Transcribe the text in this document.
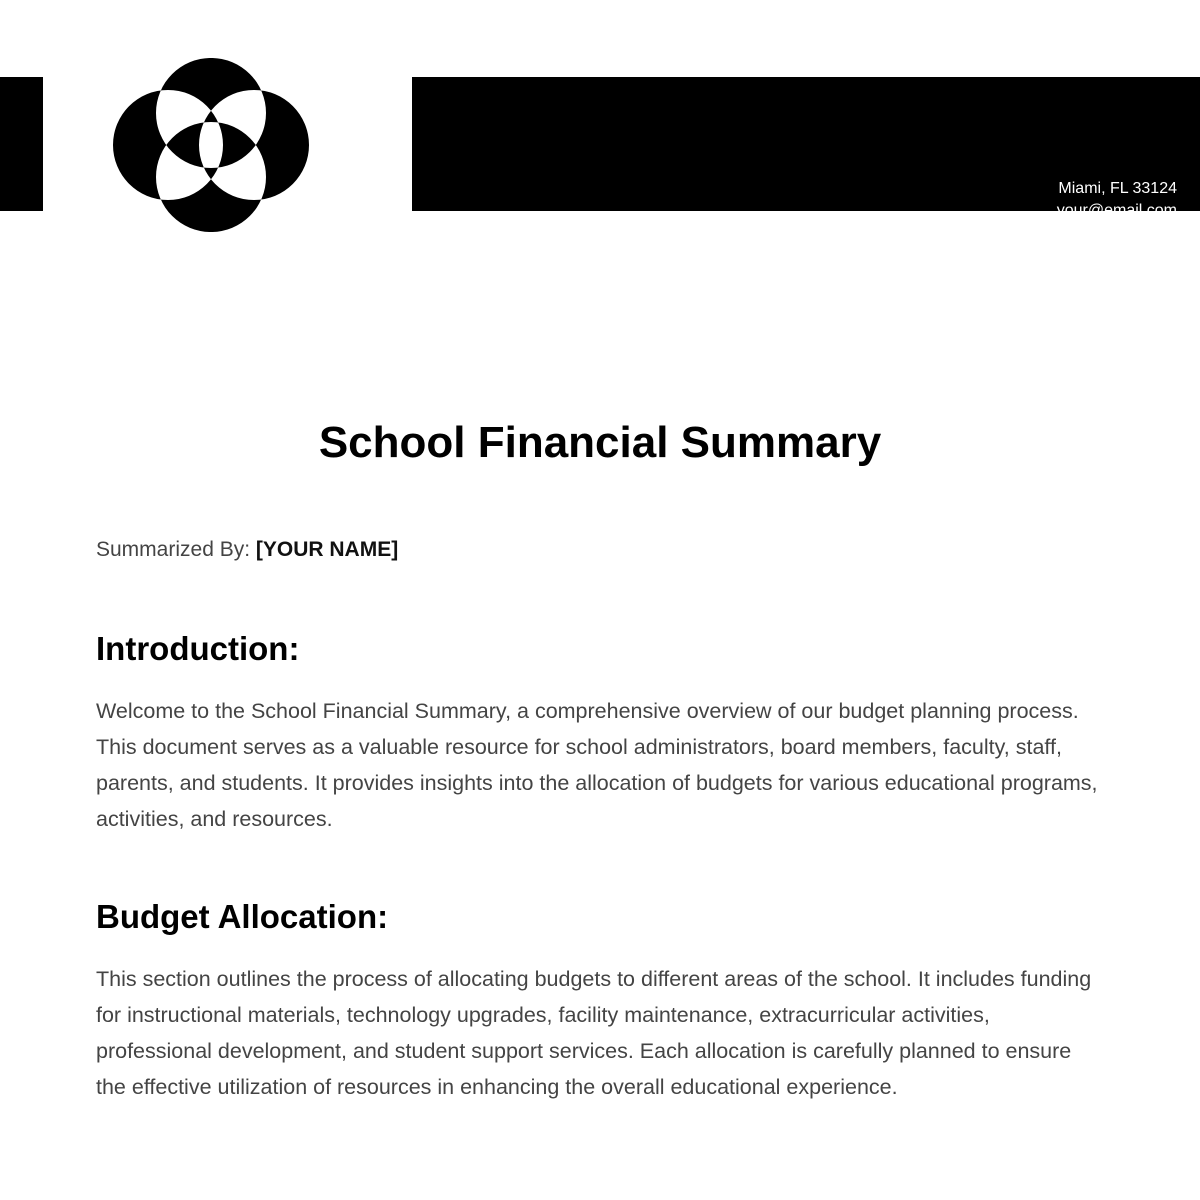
Miami, FL 33124
your@email.com
Template.net
222 555 777
School Financial Summary
Summarized By: [YOUR NAME]
Introduction:

Welcome to the School Financial Summary, a comprehensive overview of our budget planning process. This document serves as a valuable resource for school administrators, board members, faculty, staff, parents, and students. It provides insights into the allocation of budgets for various educational programs, activities, and resources.

Budget Allocation:

This section outlines the process of allocating budgets to different areas of the school. It includes funding for instructional materials, technology upgrades, facility maintenance, extracurricular activities, professional development, and student support services. Each allocation is carefully planned to ensure the effective utilization of resources in enhancing the overall educational experience.
